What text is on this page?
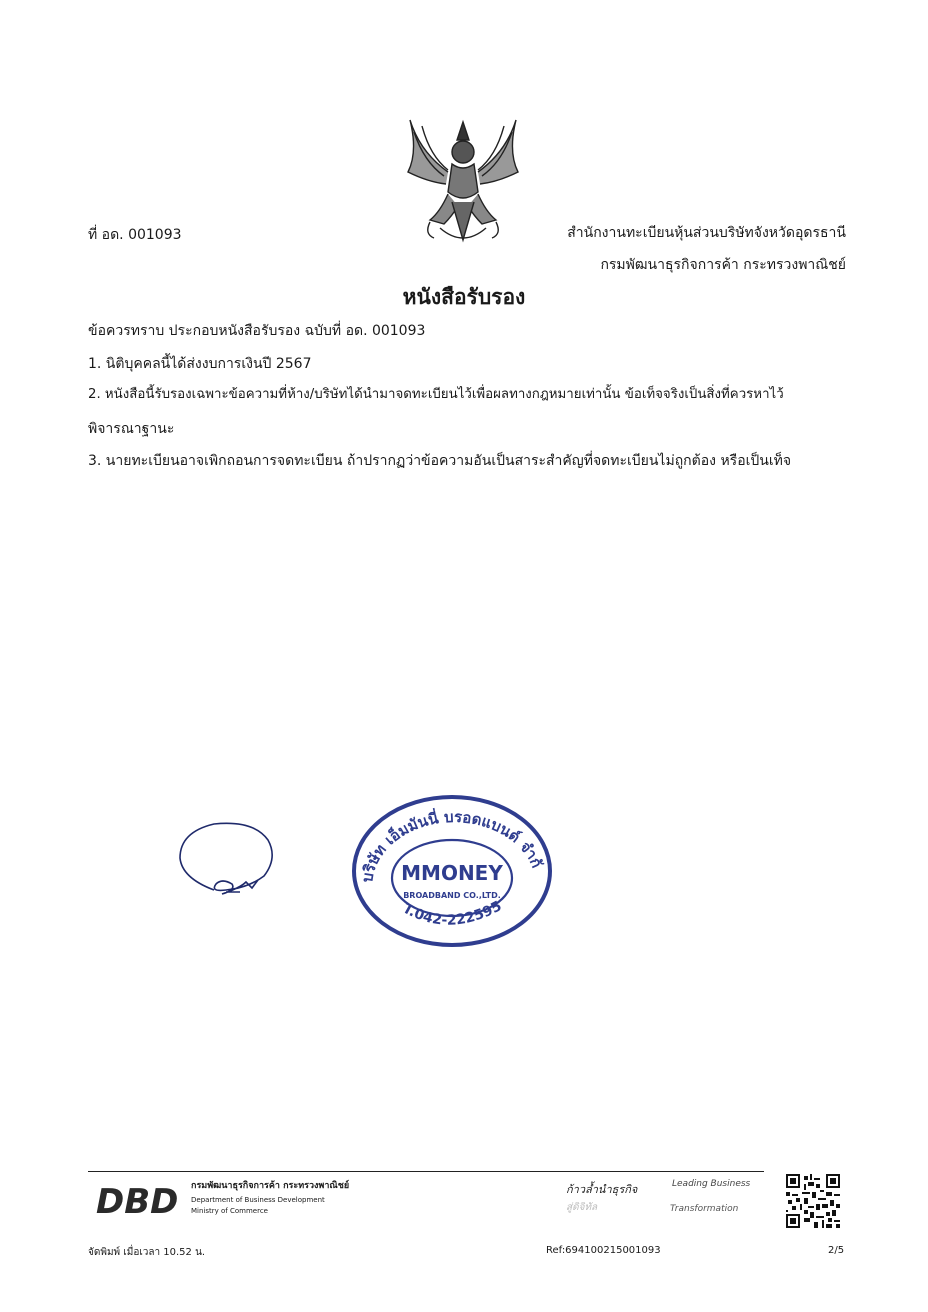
ที่ อด. 001093	สำนักงานทะเบียนหุ้นส่วนบริษัทจังหวัดอุดรธานี
กรมพัฒนาธุรกิจการค้า กระทรวงพาณิชย์
หนังสือรับรอง
ข้อควรทราบ ประกอบหนังสือรับรอง ฉบับที่ อด. 001093
1. นิติบุคคลนี้ได้ส่งงบการเงินปี 2567
2. หนังสือนี้รับรองเฉพาะข้อความที่ห้าง/บริษัทได้นำมาจดทะเบียนไว้เพื่อผลทางกฎหมายเท่านั้น ข้อเท็จจริงเป็นสิ่งที่ควรหาไว้
พิจารณาฐานะ
3. นายทะเบียนอาจเพิกถอนการจดทะเบียน ถ้าปรากฏว่าข้อความอันเป็นสาระสำคัญที่จดทะเบียนไม่ถูกต้อง หรือเป็นเท็จ
บริษัท เอ็มมันนี่ บรอดแบนด์ จำกั
MMONEY
BROADBAND CO.,LTD.
T.042-222595
DBD กรมพัฒนาธุรกิจการค้า กระทรวงพาณิชย์
Department of Business Development
Ministry of Commerce
ก้าวล้ำนำธุรกิจ
สู่ดิจิทัล
Leading Business
Transformation
จัดพิมพ์ เมื่อเวลา 10.52 น.	Ref:694100215001093	2/5
